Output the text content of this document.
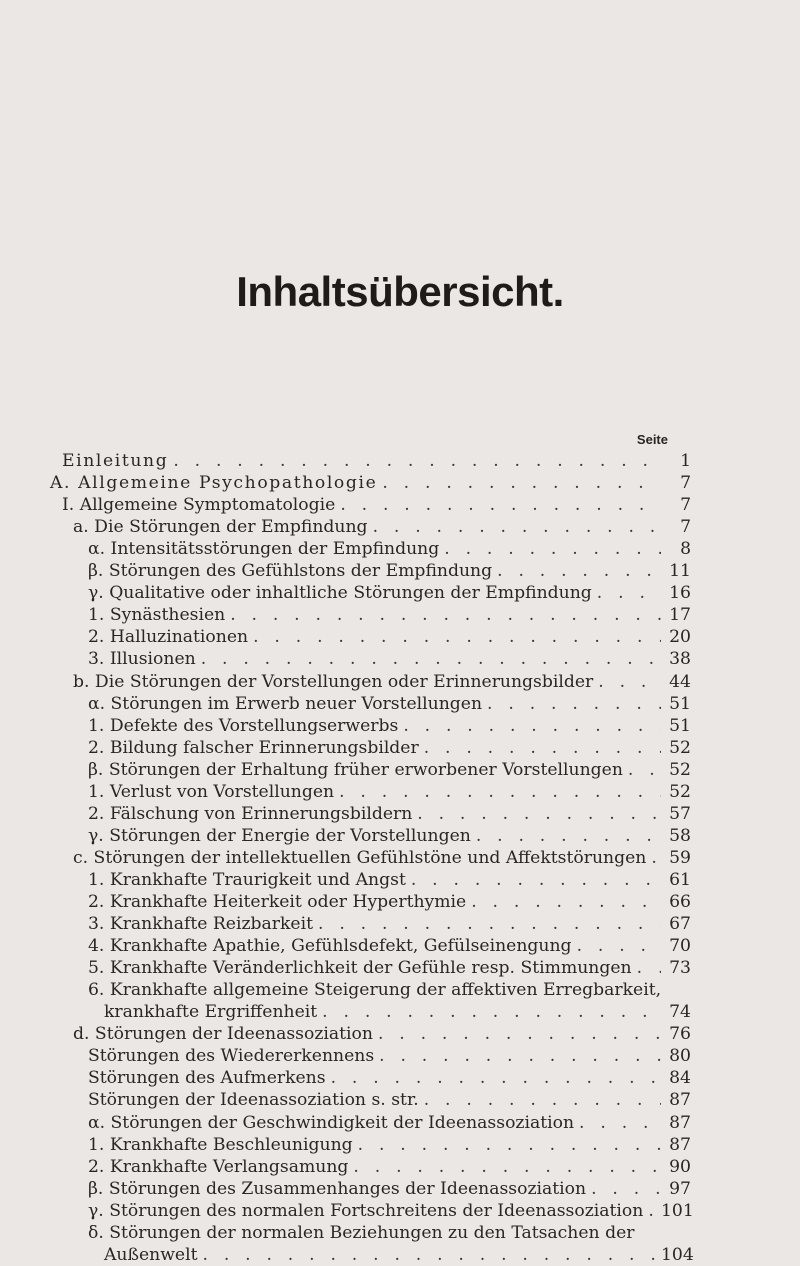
Inhaltsübersicht.
Seite
Einleitung . . .	1
A. Allgemeine Psychopathologie . . .	7
I. Allgemeine Symptomatologie . . .	7
a. Die Störungen der Empfindung . . .	7
α. Intensitätsstörungen der Empfindung . . .	8
β. Störungen des Gefühlstons der Empfindung . . .	11
γ. Qualitative oder inhaltliche Störungen der Empfindung . . .	16
1. Synästhesien . . .	17
2. Halluzinationen . . .	20
3. Illusionen . . .	38
b. Die Störungen der Vorstellungen oder Erinnerungsbilder . . .	44
α. Störungen im Erwerb neuer Vorstellungen . . .	51
1. Defekte des Vorstellungserwerbs . . .	51
2. Bildung falscher Erinnerungsbilder . . .	52
β. Störungen der Erhaltung früher erworbener Vorstellungen . . .	52
1. Verlust von Vorstellungen . . .	52
2. Fälschung von Erinnerungsbildern . . .	57
γ. Störungen der Energie der Vorstellungen . . .	58
c. Störungen der intellektuellen Gefühlstöne und Affektstörungen . . .	59
1. Krankhafte Traurigkeit und Angst . . .	61
2. Krankhafte Heiterkeit oder Hyperthymie . . .	66
3. Krankhafte Reizbarkeit . . .	67
4. Krankhafte Apathie, Gefühlsdefekt, Gefülseinengung . . .	70
5. Krankhafte Veränderlichkeit der Gefühle resp. Stimmungen . . .	73
6. Krankhafte allgemeine Steigerung der affektiven Erregbarkeit,
krankhafte Ergriffenheit . . .	74
d. Störungen der Ideenassoziation . . .	76
Störungen des Wiedererkennens . . .	80
Störungen des Aufmerkens . . .	84
Störungen der Ideenassoziation s. str. . . .	87
α. Störungen der Geschwindigkeit der Ideenassoziation . . .	87
1. Krankhafte Beschleunigung . . .	87
2. Krankhafte Verlangsamung . . .	90
β. Störungen des Zusammenhanges der Ideenassoziation . . .	97
γ. Störungen des normalen Fortschreitens der Ideenassoziation . . . 101
δ. Störungen der normalen Beziehungen zu den Tatsachen der
Außenwelt . . .	104
